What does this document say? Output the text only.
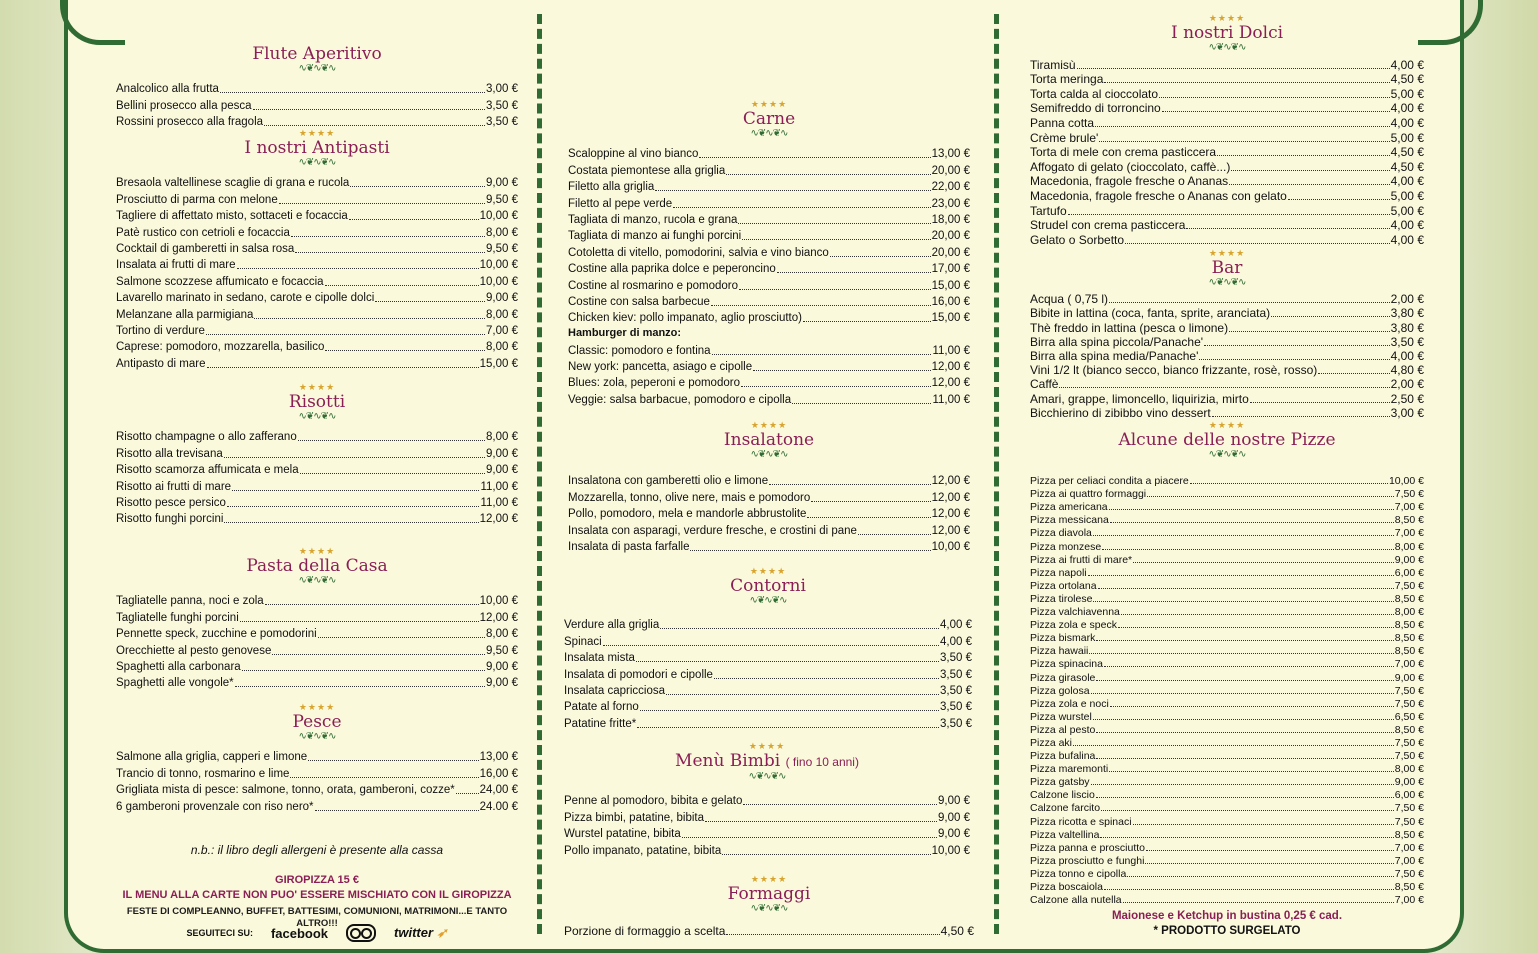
Flute Aperitivo
∿❦∿❦∿
Analcolico alla frutta	3,00 €
Bellini prosecco alla pesca	3,50 €
Rossini prosecco alla fragola	3,50 €
★★★★
I nostri Antipasti
∿❦∿❦∿
Bresaola valtellinese scaglie di grana e rucola	9,00 €
Prosciutto di parma con melone	9,50 €
Tagliere di affettato misto, sottaceti e focaccia	10,00 €
Patè rustico con cetrioli e focaccia	8,00 €
Cocktail di gamberetti in salsa rosa	9,50 €
Insalata ai frutti di mare	10,00 €
Salmone scozzese affumicato e focaccia	10,00 €
Lavarello marinato in sedano, carote e cipolle dolci	9,00 €
Melanzane alla parmigiana	8,00 €
Tortino di verdure	7,00 €
Caprese: pomodoro, mozzarella, basilico	8,00 €
Antipasto di mare	15,00 €
★★★★
Risotti
∿❦∿❦∿
Risotto champagne o allo zafferano	8,00 €
Risotto alla trevisana	9,00 €
Risotto scamorza affumicata e mela	9,00 €
Risotto ai frutti di mare	11,00 €
Risotto pesce persico	11,00 €
Risotto funghi porcini	12,00 €
★★★★
Pasta della Casa
∿❦∿❦∿
Tagliatelle panna, noci e zola	10,00 €
Tagliatelle funghi porcini	12,00 €
Pennette speck, zucchine e pomodorini	8,00 €
Orecchiette al pesto genovese	9,50 €
Spaghetti alla carbonara	9,00 €
Spaghetti alle vongole*	9,00 €
★★★★
Pesce
∿❦∿❦∿
Salmone alla griglia, capperi e limone	13,00 €
Trancio di tonno, rosmarino e lime	16,00 €
Grigliata mista di pesce: salmone, tonno, orata, gamberoni, cozze* 24,00 €
6 gamberoni provenzale con riso nero*	24.00 €
n.b.: il libro degli allergeni è presente alla cassa
GIROPIZZA 15 €
IL MENU ALLA CARTE NON PUO' ESSERE MISCHIATO CON IL GIROPIZZA
FESTE DI COMPLEANNO, BUFFET, BATTESIMI, COMUNIONI, MATRIMONI...E TANTO ALTRO!!!
SEGUITECI SU: facebook	twitter ➶
★★★★
Carne
∿❦∿❦∿
Scaloppine al vino bianco	13,00 €
Costata piemontese alla griglia	20,00 €
Filetto alla griglia	22,00 €
Filetto al pepe verde	23,00 €
Tagliata di manzo, rucola e grana	18,00 €
Tagliata di manzo ai funghi porcini	20,00 €
Cotoletta di vitello, pomodorini, salvia e vino bianco	20,00 €
Costine alla paprika dolce e peperoncino	17,00 €
Costine al rosmarino e pomodoro	15,00 €
Costine con salsa barbecue	16,00 €
Chicken kiev: pollo impanato, aglio prosciutto)	15,00 €
Hamburger di manzo:
Classic: pomodoro e fontina	11,00 €
New york: pancetta, asiago e cipolle	12,00 €
Blues: zola, peperoni e pomodoro	12,00 €
Veggie: salsa barbacue, pomodoro e cipolla	11,00 €
★★★★
Insalatone
∿❦∿❦∿
Insalatona con gamberetti olio e limone	12,00 €
Mozzarella, tonno, olive nere, mais e pomodoro	12,00 €
Pollo, pomodoro, mela e mandorle abbrustolite	12,00 €
Insalata con asparagi, verdure fresche, e crostini di pane	12,00 €
Insalata di pasta farfalle	10,00 €
★★★★
Contorni
∿❦∿❦∿
Verdure alla griglia	4,00 €
Spinaci	4,00 €
Insalata mista	3,50 €
Insalata di pomodori e cipolle	3,50 €
Insalata capricciosa	3,50 €
Patate al forno	3,50 €
Patatine fritte*	3,50 €
★★★★
Menù Bimbi ( fino 10 anni)
∿❦∿❦∿
Penne al pomodoro, bibita e gelato	9,00 €
Pizza bimbi, patatine, bibita	9,00 €
Wurstel patatine, bibita	9,00 €
Pollo impanato, patatine, bibita	10,00 €
★★★★
Formaggi
∿❦∿❦∿
Porzione di formaggio a scelta	4,50 €
★★★★
I nostri Dolci
∿❦∿❦∿
Tiramisù	4,00 €
Torta meringa	4,50 €
Torta calda al cioccolato	5,00 €
Semifreddo di torroncino	4,00 €
Panna cotta	4,00 €
Crème brule'	5,00 €
Torta di mele con crema pasticcera	4,50 €
Affogato di gelato (cioccolato, caffè...)	4,50 €
Macedonia, fragole fresche o Ananas	4,00 €
Macedonia, fragole fresche o Ananas con gelato	5,00 €
Tartufo	5,00 €
Strudel con crema pasticcera	4,00 €
Gelato o Sorbetto	4,00 €
★★★★
Bar
∿❦∿❦∿
Acqua ( 0,75 l)	2,00 €
Bibite in lattina (coca, fanta, sprite, aranciata)	3,80 €
Thè freddo in lattina (pesca o limone)	3,80 €
Birra alla spina piccola/Panache'	3,50 €
Birra alla spina media/Panache'	4,00 €
Vini 1/2 lt (bianco secco, bianco frizzante, rosè, rosso)	4,80 €
Caffè	2,00 €
Amari, grappe, limoncello, liquirizia, mirto	2,50 €
Bicchierino di zibibbo vino dessert	3,00 €
★★★★
Alcune delle nostre Pizze
∿❦∿❦∿
Pizza per celiaci condita a piacere	10,00 €
Pizza ai quattro formaggi	7,50 €
Pizza americana	7,00 €
Pizza messicana	8,50 €
Pizza diavola	7,00 €
Pizza monzese	8,00 €
Pizza ai frutti di mare*	9,00 €
Pizza napoli	6,00 €
Pizza ortolana	7,50 €
Pizza tirolese	8,50 €
Pizza valchiavenna	8,00 €
Pizza zola e speck	8,50 €
Pizza bismark	8,50 €
Pizza hawaii	8,50 €
Pizza spinacina	7,00 €
Pizza girasole	9,00 €
Pizza golosa	7,50 €
Pizza zola e noci	7,50 €
Pizza wurstel	6,50 €
Pizza al pesto	8,50 €
Pizza aki	7,50 €
Pizza bufalina	7,50 €
Pizza maremonti	8,00 €
Pizza gatsby	9,00 €
Calzone liscio	6,00 €
Calzone farcito	7,50 €
Pizza ricotta e spinaci	7,50 €
Pizza valtellina	8,50 €
Pizza panna e prosciutto	7,00 €
Pizza prosciutto e funghi	7,00 €
Pizza tonno e cipolla	7,50 €
Pizza boscaiola	8,50 €
Calzone alla nutella	7,00 €
Maionese e Ketchup in bustina 0,25 € cad.
* PRODOTTO SURGELATO
